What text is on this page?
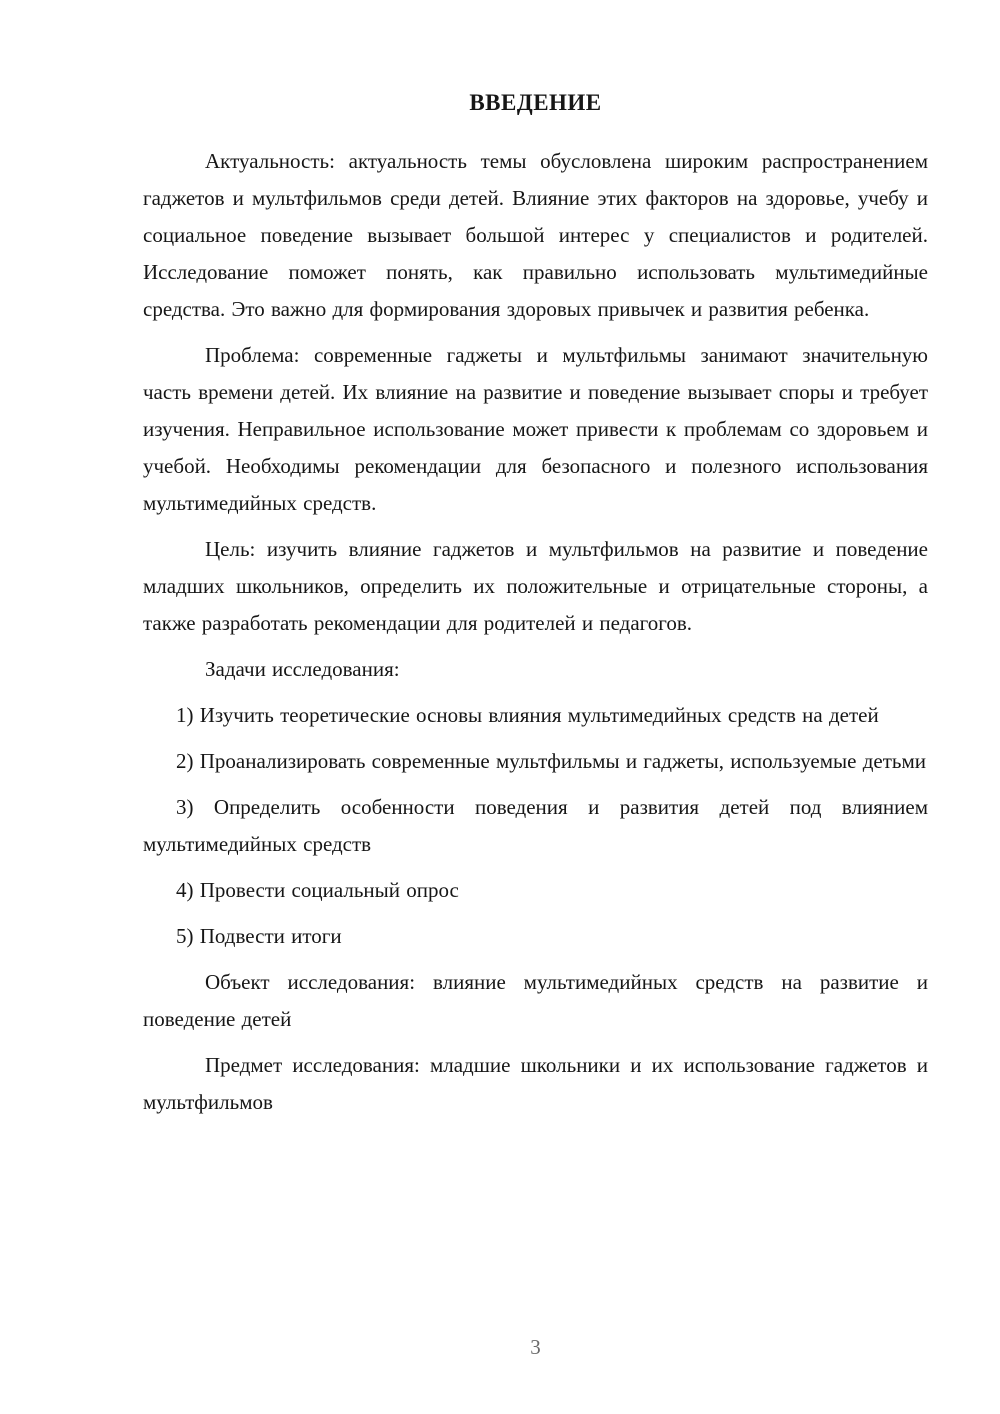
ВВЕДЕНИЕ

Актуальность: актуальность темы обусловлена широким распространением гаджетов и мультфильмов среди детей. Влияние этих факторов на здоровье, учебу и социальное поведение вызывает большой интерес у специалистов и родителей. Исследование поможет понять, как правильно использовать мультимедийные средства. Это важно для формирования здоровых привычек и развития ребенка.

Проблема: современные гаджеты и мультфильмы занимают значительную часть времени детей. Их влияние на развитие и поведение вызывает споры и требует изучения. Неправильное использование может привести к проблемам со здоровьем и учебой. Необходимы рекомендации для безопасного и полезного использования мультимедийных средств.

Цель: изучить влияние гаджетов и мультфильмов на развитие и поведение младших школьников, определить их положительные и отрицательные стороны, а также разработать рекомендации для родителей и педагогов.

Задачи исследования:

1) Изучить теоретические основы влияния мультимедийных средств на детей

2) Проанализировать современные мультфильмы и гаджеты, используемые детьми

3) Определить особенности поведения и развития детей под влиянием мультимедийных средств

4) Провести социальный опрос

5) Подвести итоги

Объект исследования: влияние мультимедийных средств на развитие и поведение детей

Предмет исследования: младшие школьники и их использование гаджетов и мультфильмов

3
